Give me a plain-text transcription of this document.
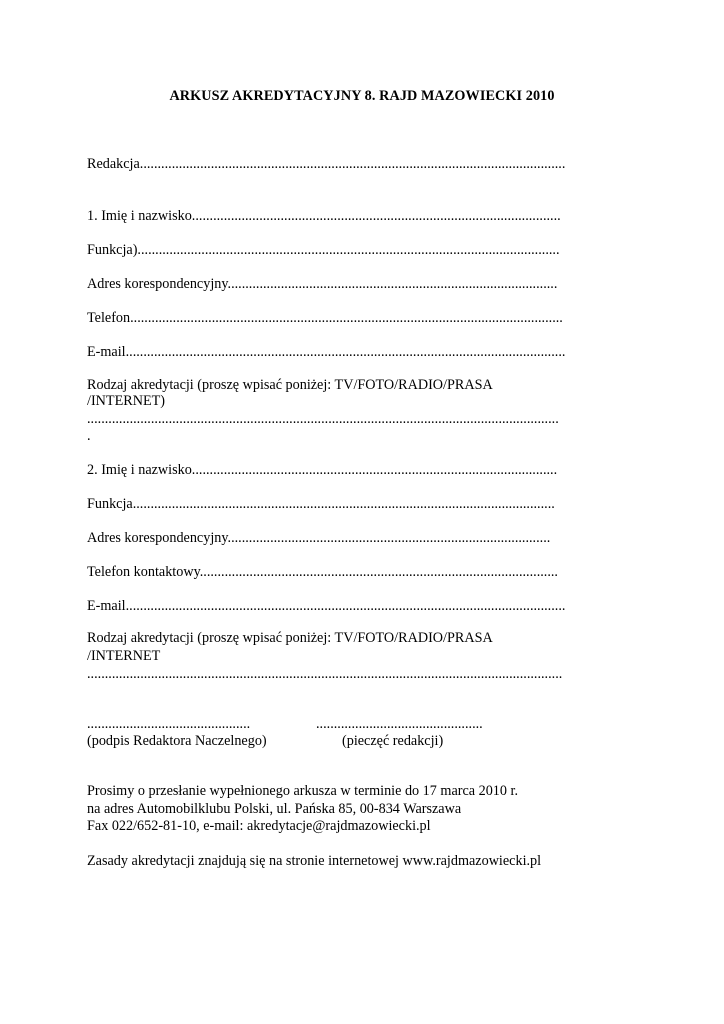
ARKUSZ AKREDYTACYJNY 8. RAJD MAZOWIECKI 2010
Redakcja........................................................................................................................
1. Imię i nazwisko........................................................................................................
Funkcja).......................................................................................................................
Adres korespondencyjny.............................................................................................
Telefon..........................................................................................................................
E-mail............................................................................................................................
Rodzaj akredytacji (proszę wpisać poniżej: TV/FOTO/RADIO/PRASA
/INTERNET)
.....................................................................................................................................
.
2. Imię i nazwisko.......................................................................................................
Funkcja.......................................................................................................................
Adres korespondencyjny...........................................................................................
Telefon kontaktowy.....................................................................................................
E-mail............................................................................................................................
Rodzaj akredytacji (proszę wpisać poniżej: TV/FOTO/RADIO/PRASA
/INTERNET
......................................................................................................................................
..............................................	...............................................
(podpis Redaktora Naczelnego)	(pieczęć redakcji)
Prosimy o przesłanie wypełnionego arkusza w terminie do 17 marca 2010 r.
na adres Automobilklubu Polski, ul. Pańska 85, 00-834 Warszawa
Fax 022/652-81-10, e-mail: akredytacje@rajdmazowiecki.pl
Zasady akredytacji znajdują się na stronie internetowej www.rajdmazowiecki.pl
